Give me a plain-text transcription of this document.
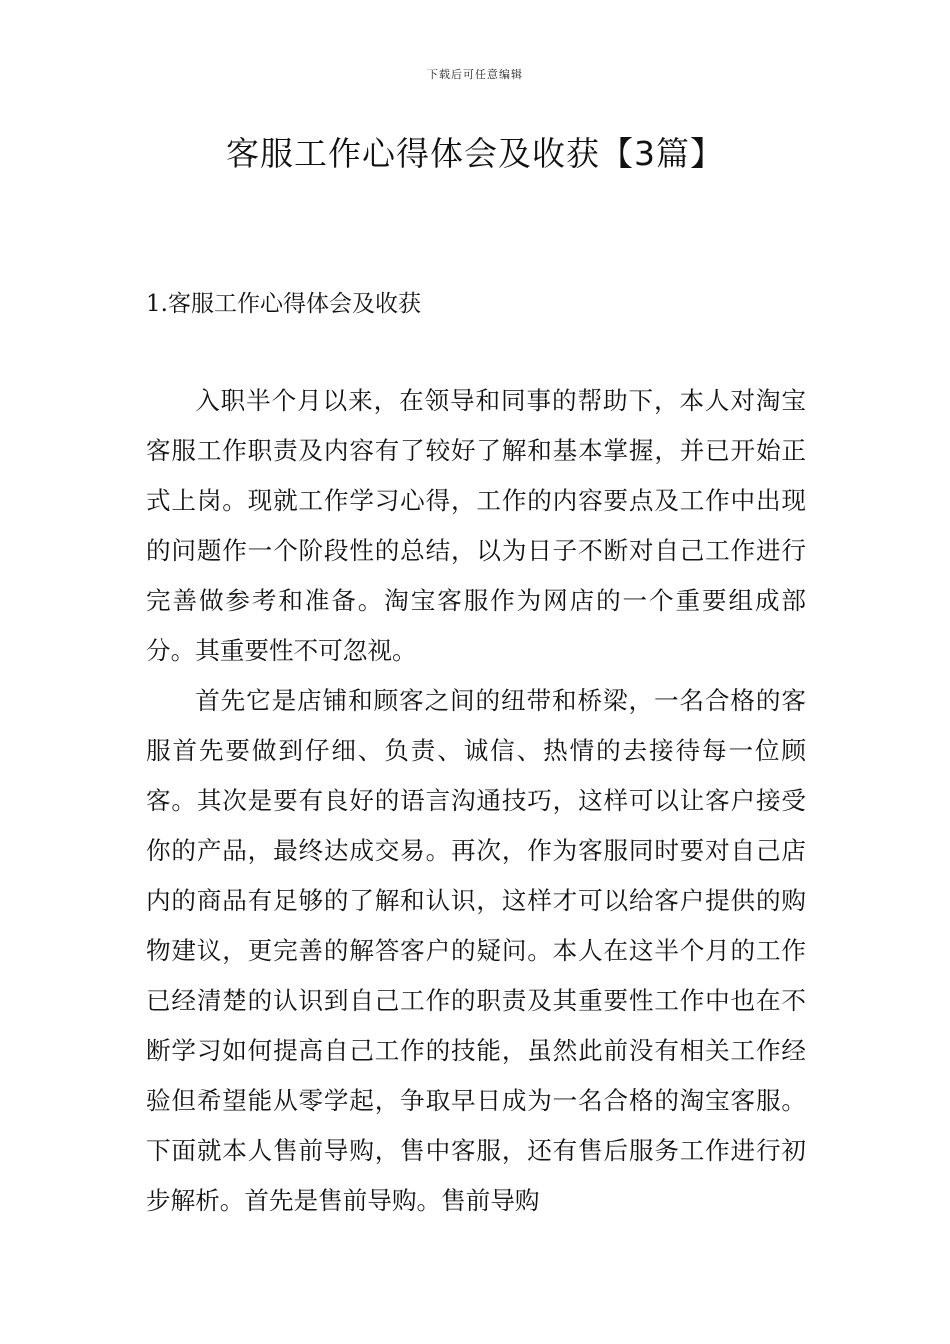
下载后可任意编辑
客服工作心得体会及收获【3篇】
1.客服工作心得体会及收获

入职半个月以来，在领导和同事的帮助下，本人对淘宝客服工作职责及内容有了较好了解和基本掌握，并已开始正式上岗。现就工作学习心得，工作的内容要点及工作中出现的问题作一个阶段性的总结，以为日子不断对自己工作进行完善做参考和准备。淘宝客服作为网店的一个重要组成部分。其重要性不可忽视。

首先它是店铺和顾客之间的纽带和桥梁，一名合格的客服首先要做到仔细、负责、诚信、热情的去接待每一位顾客。其次是要有良好的语言沟通技巧，这样可以让客户接受你的产品，最终达成交易。再次，作为客服同时要对自己店内的商品有足够的了解和认识，这样才可以给客户提供的购物建议，更完善的解答客户的疑问。本人在这半个月的工作已经清楚的认识到自己工作的职责及其重要性工作中也在不断学习如何提高自己工作的技能，虽然此前没有相关工作经验但希望能从零学起，争取早日成为一名合格的淘宝客服。下面就本人售前导购，售中客服，还有售后服务工作进行初步解析。首先是售前导购。售前导购
